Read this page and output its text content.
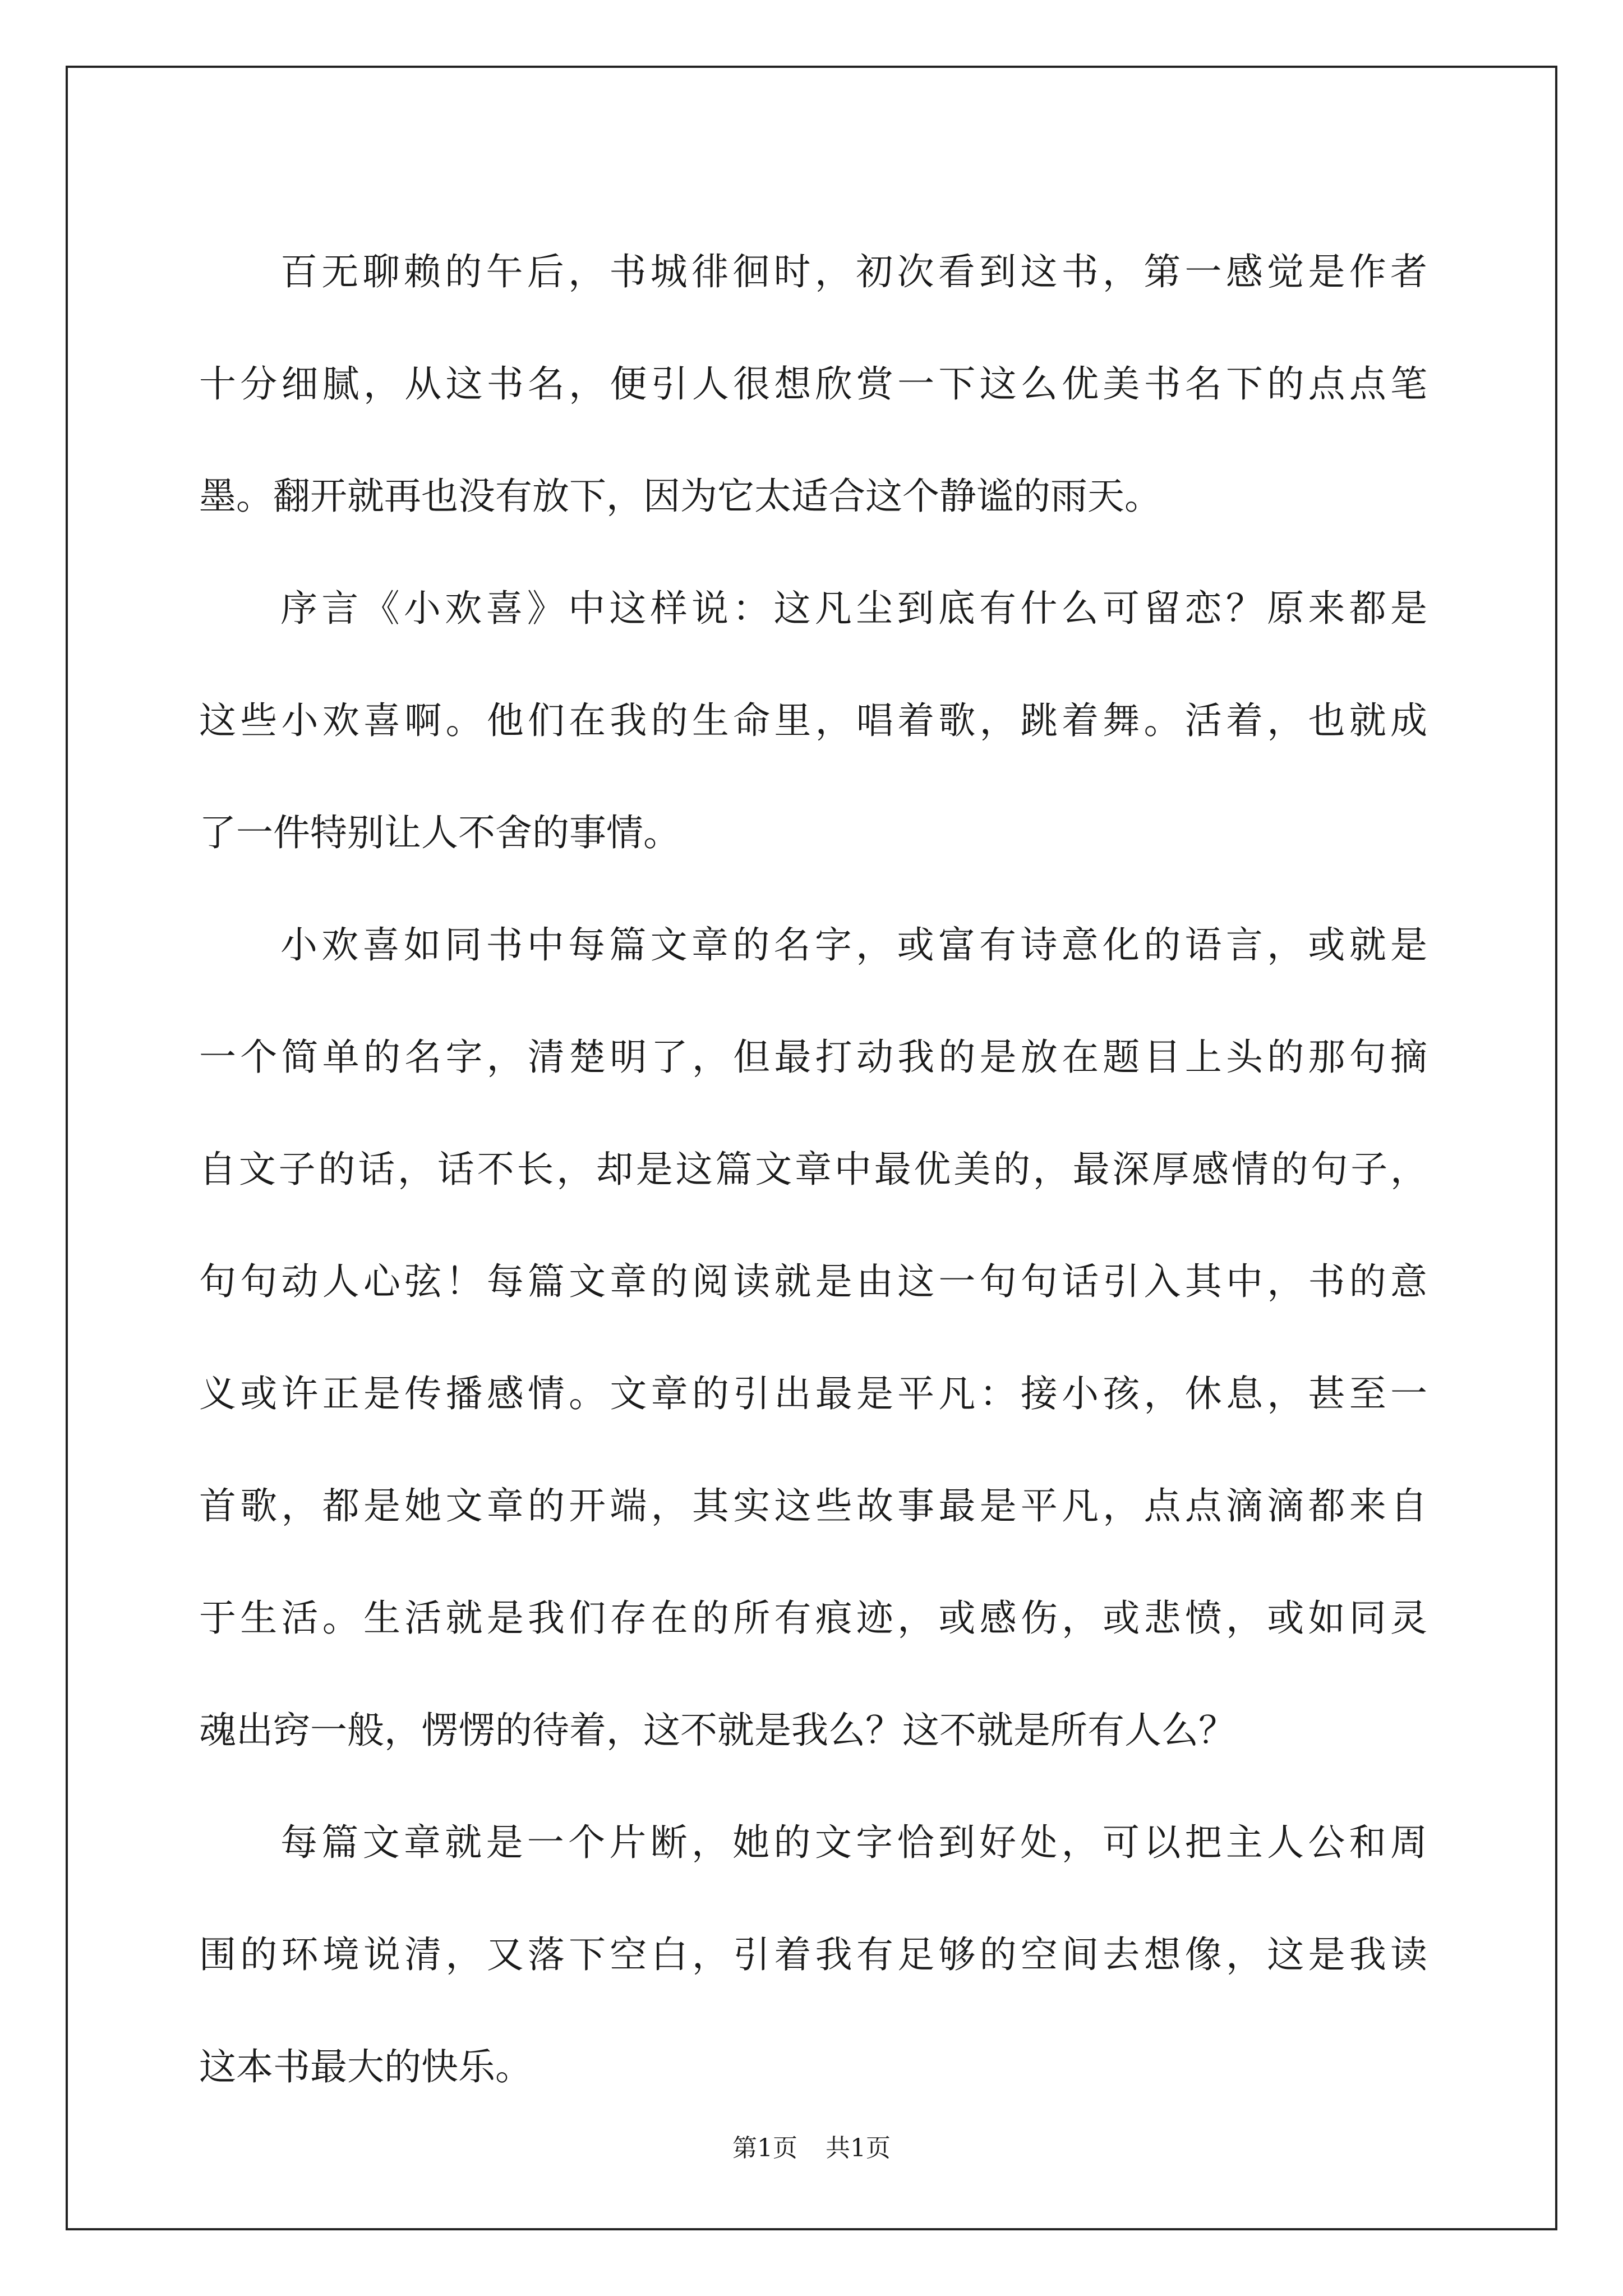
百无聊赖的午后，书城徘徊时，初次看到这书，第一感觉是作者
十分细腻，从这书名，便引人很想欣赏一下这么优美书名下的点点笔
墨。翻开就再也没有放下，因为它太适合这个静谧的雨天。
序言《小欢喜》中这样说：这凡尘到底有什么可留恋？原来都是
这些小欢喜啊。他们在我的生命里，唱着歌，跳着舞。活着，也就成
了一件特别让人不舍的事情。
小欢喜如同书中每篇文章的名字，或富有诗意化的语言，或就是
一个简单的名字，清楚明了，但最打动我的是放在题目上头的那句摘
自文子的话，话不长，却是这篇文章中最优美的，最深厚感情的句子，
句句动人心弦！每篇文章的阅读就是由这一句句话引入其中，书的意
义或许正是传播感情。文章的引出最是平凡：接小孩，休息，甚至一
首歌，都是她文章的开端，其实这些故事最是平凡，点点滴滴都来自
于生活。生活就是我们存在的所有痕迹，或感伤，或悲愤，或如同灵
魂出窍一般，愣愣的待着，这不就是我么？这不就是所有人么？
每篇文章就是一个片断，她的文字恰到好处，可以把主人公和周
围的环境说清，又落下空白，引着我有足够的空间去想像，这是我读
这本书最大的快乐。
第1页 共1页
